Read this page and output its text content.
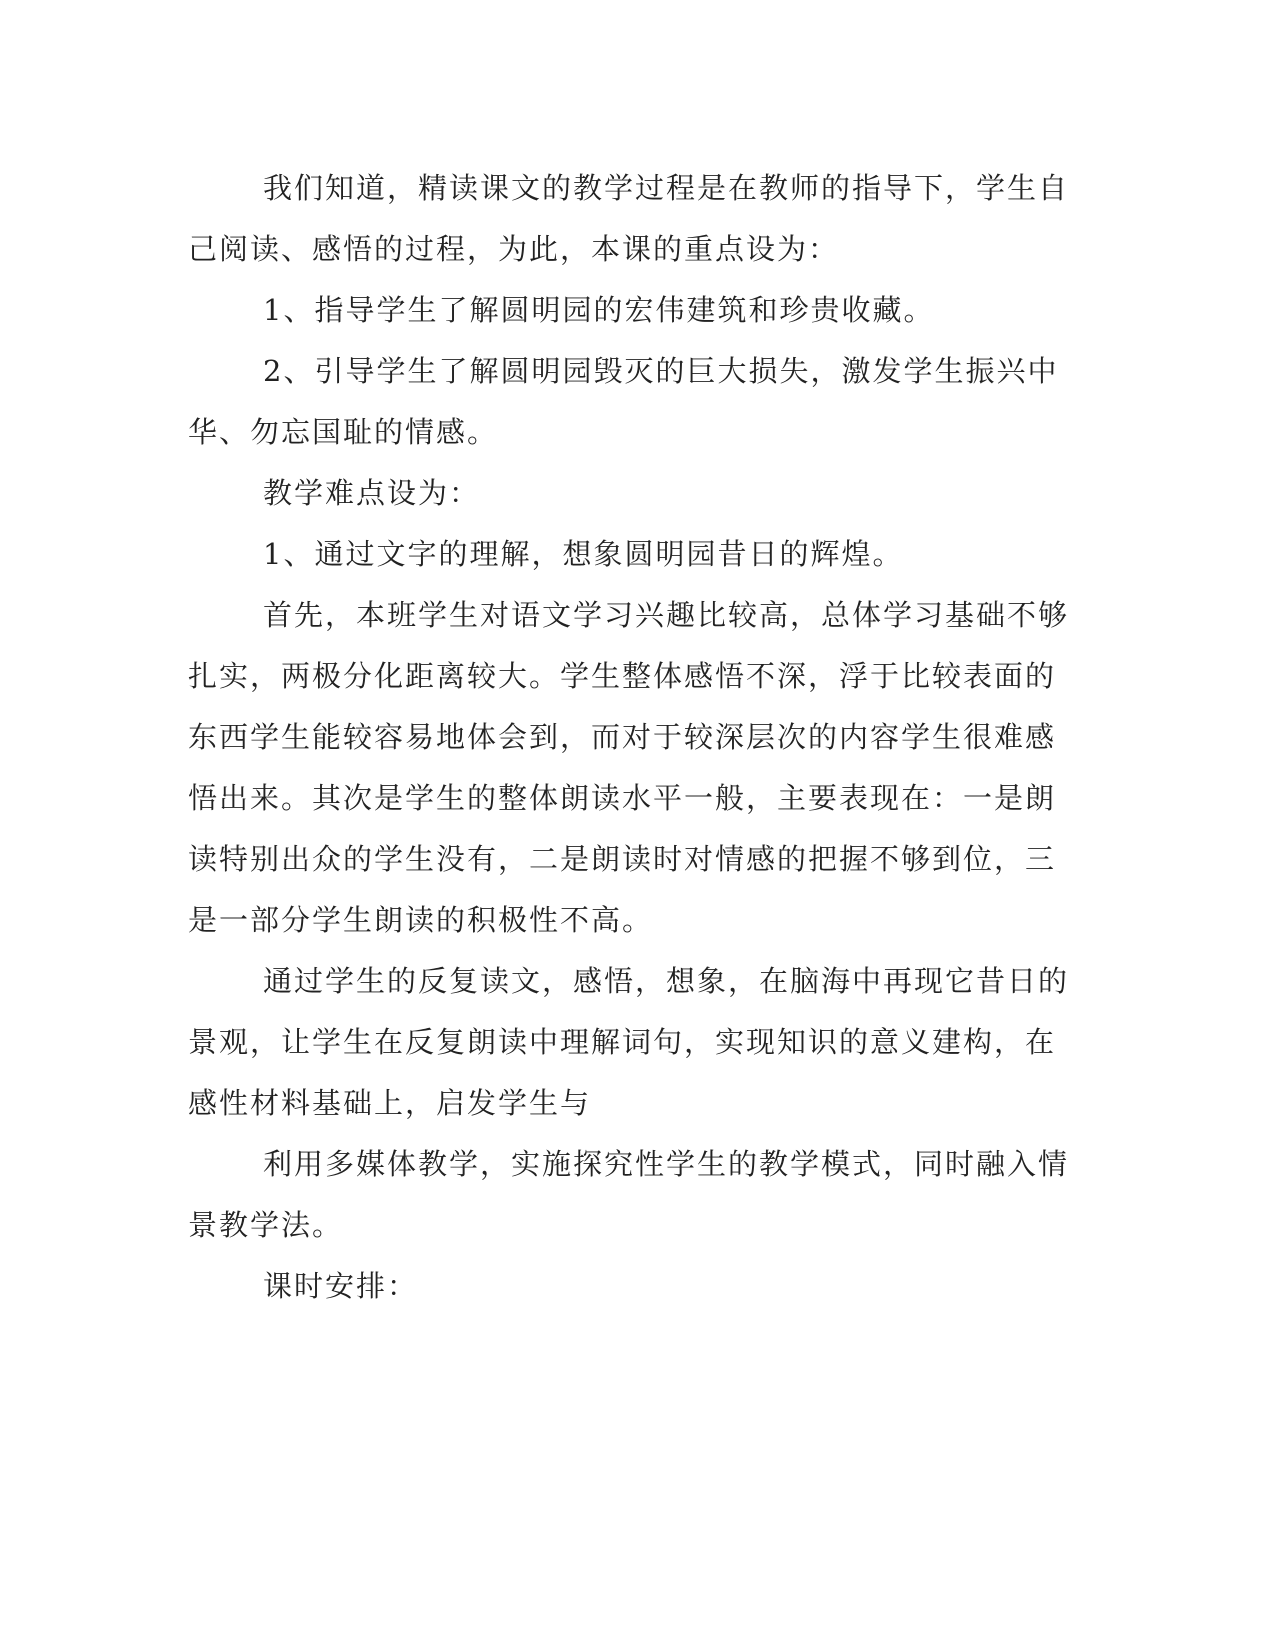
我们知道，精读课文的教学过程是在教师的指导下，学生自己阅读、感悟的过程，为此，本课的重点设为：

1、指导学生了解圆明园的宏伟建筑和珍贵收藏。

2、引导学生了解圆明园毁灭的巨大损失，激发学生振兴中华、勿忘国耻的情感。

教学难点设为：

1、通过文字的理解，想象圆明园昔日的辉煌。

首先，本班学生对语文学习兴趣比较高，总体学习基础不够扎实，两极分化距离较大。学生整体感悟不深，浮于比较表面的东西学生能较容易地体会到，而对于较深层次的内容学生很难感悟出来。其次是学生的整体朗读水平一般，主要表现在：一是朗读特别出众的学生没有，二是朗读时对情感的把握不够到位，三是一部分学生朗读的积极性不高。

通过学生的反复读文，感悟，想象，在脑海中再现它昔日的景观，让学生在反复朗读中理解词句，实现知识的意义建构，在感性材料基础上，启发学生与

利用多媒体教学，实施探究性学生的教学模式，同时融入情景教学法。

课时安排：
